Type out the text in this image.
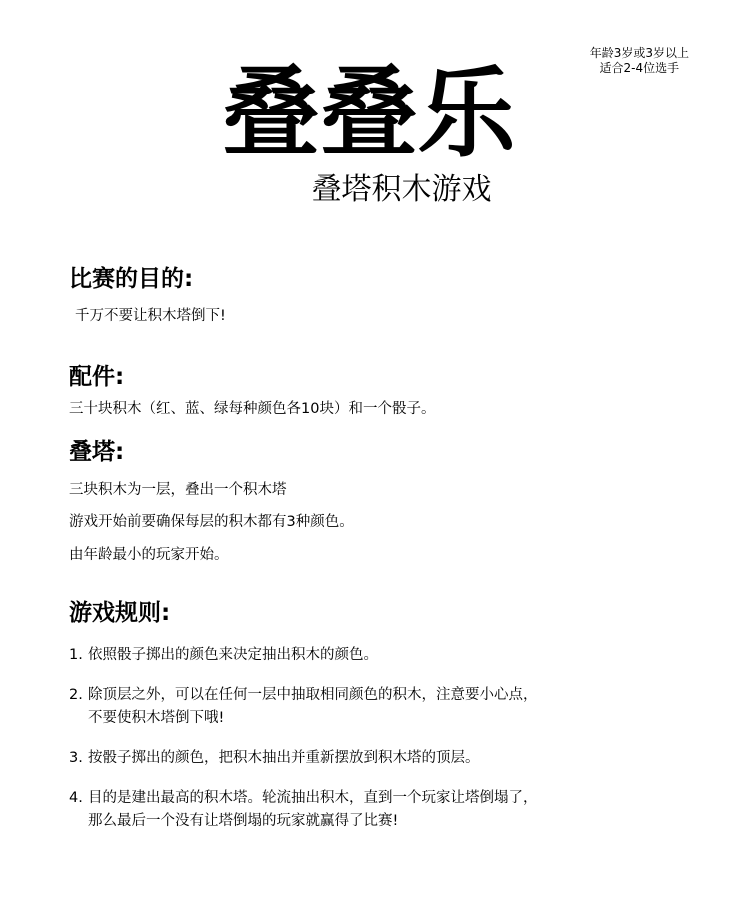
年龄3岁或3岁以上
适合2-4位选手
叠叠乐
叠塔积木游戏
比赛的目的:

千万不要让积木塔倒下!

配件:

三十块积木（红、蓝、绿每种颜色各10块）和一个骰子。

叠塔:

三块积木为一层，叠出一个积木塔

游戏开始前要确保每层的积木都有3种颜色。

由年龄最小的玩家开始。

游戏规则:
1. 依照骰子掷出的颜色来决定抽出积木的颜色。
2. 除顶层之外，可以在任何一层中抽取相同颜色的积木，注意要小心点，
不要使积木塔倒下哦!
3. 按骰子掷出的颜色，把积木抽出并重新摆放到积木塔的顶层。
4. 目的是建出最高的积木塔。轮流抽出积木，直到一个玩家让塔倒塌了，
那么最后一个没有让塔倒塌的玩家就赢得了比赛!
